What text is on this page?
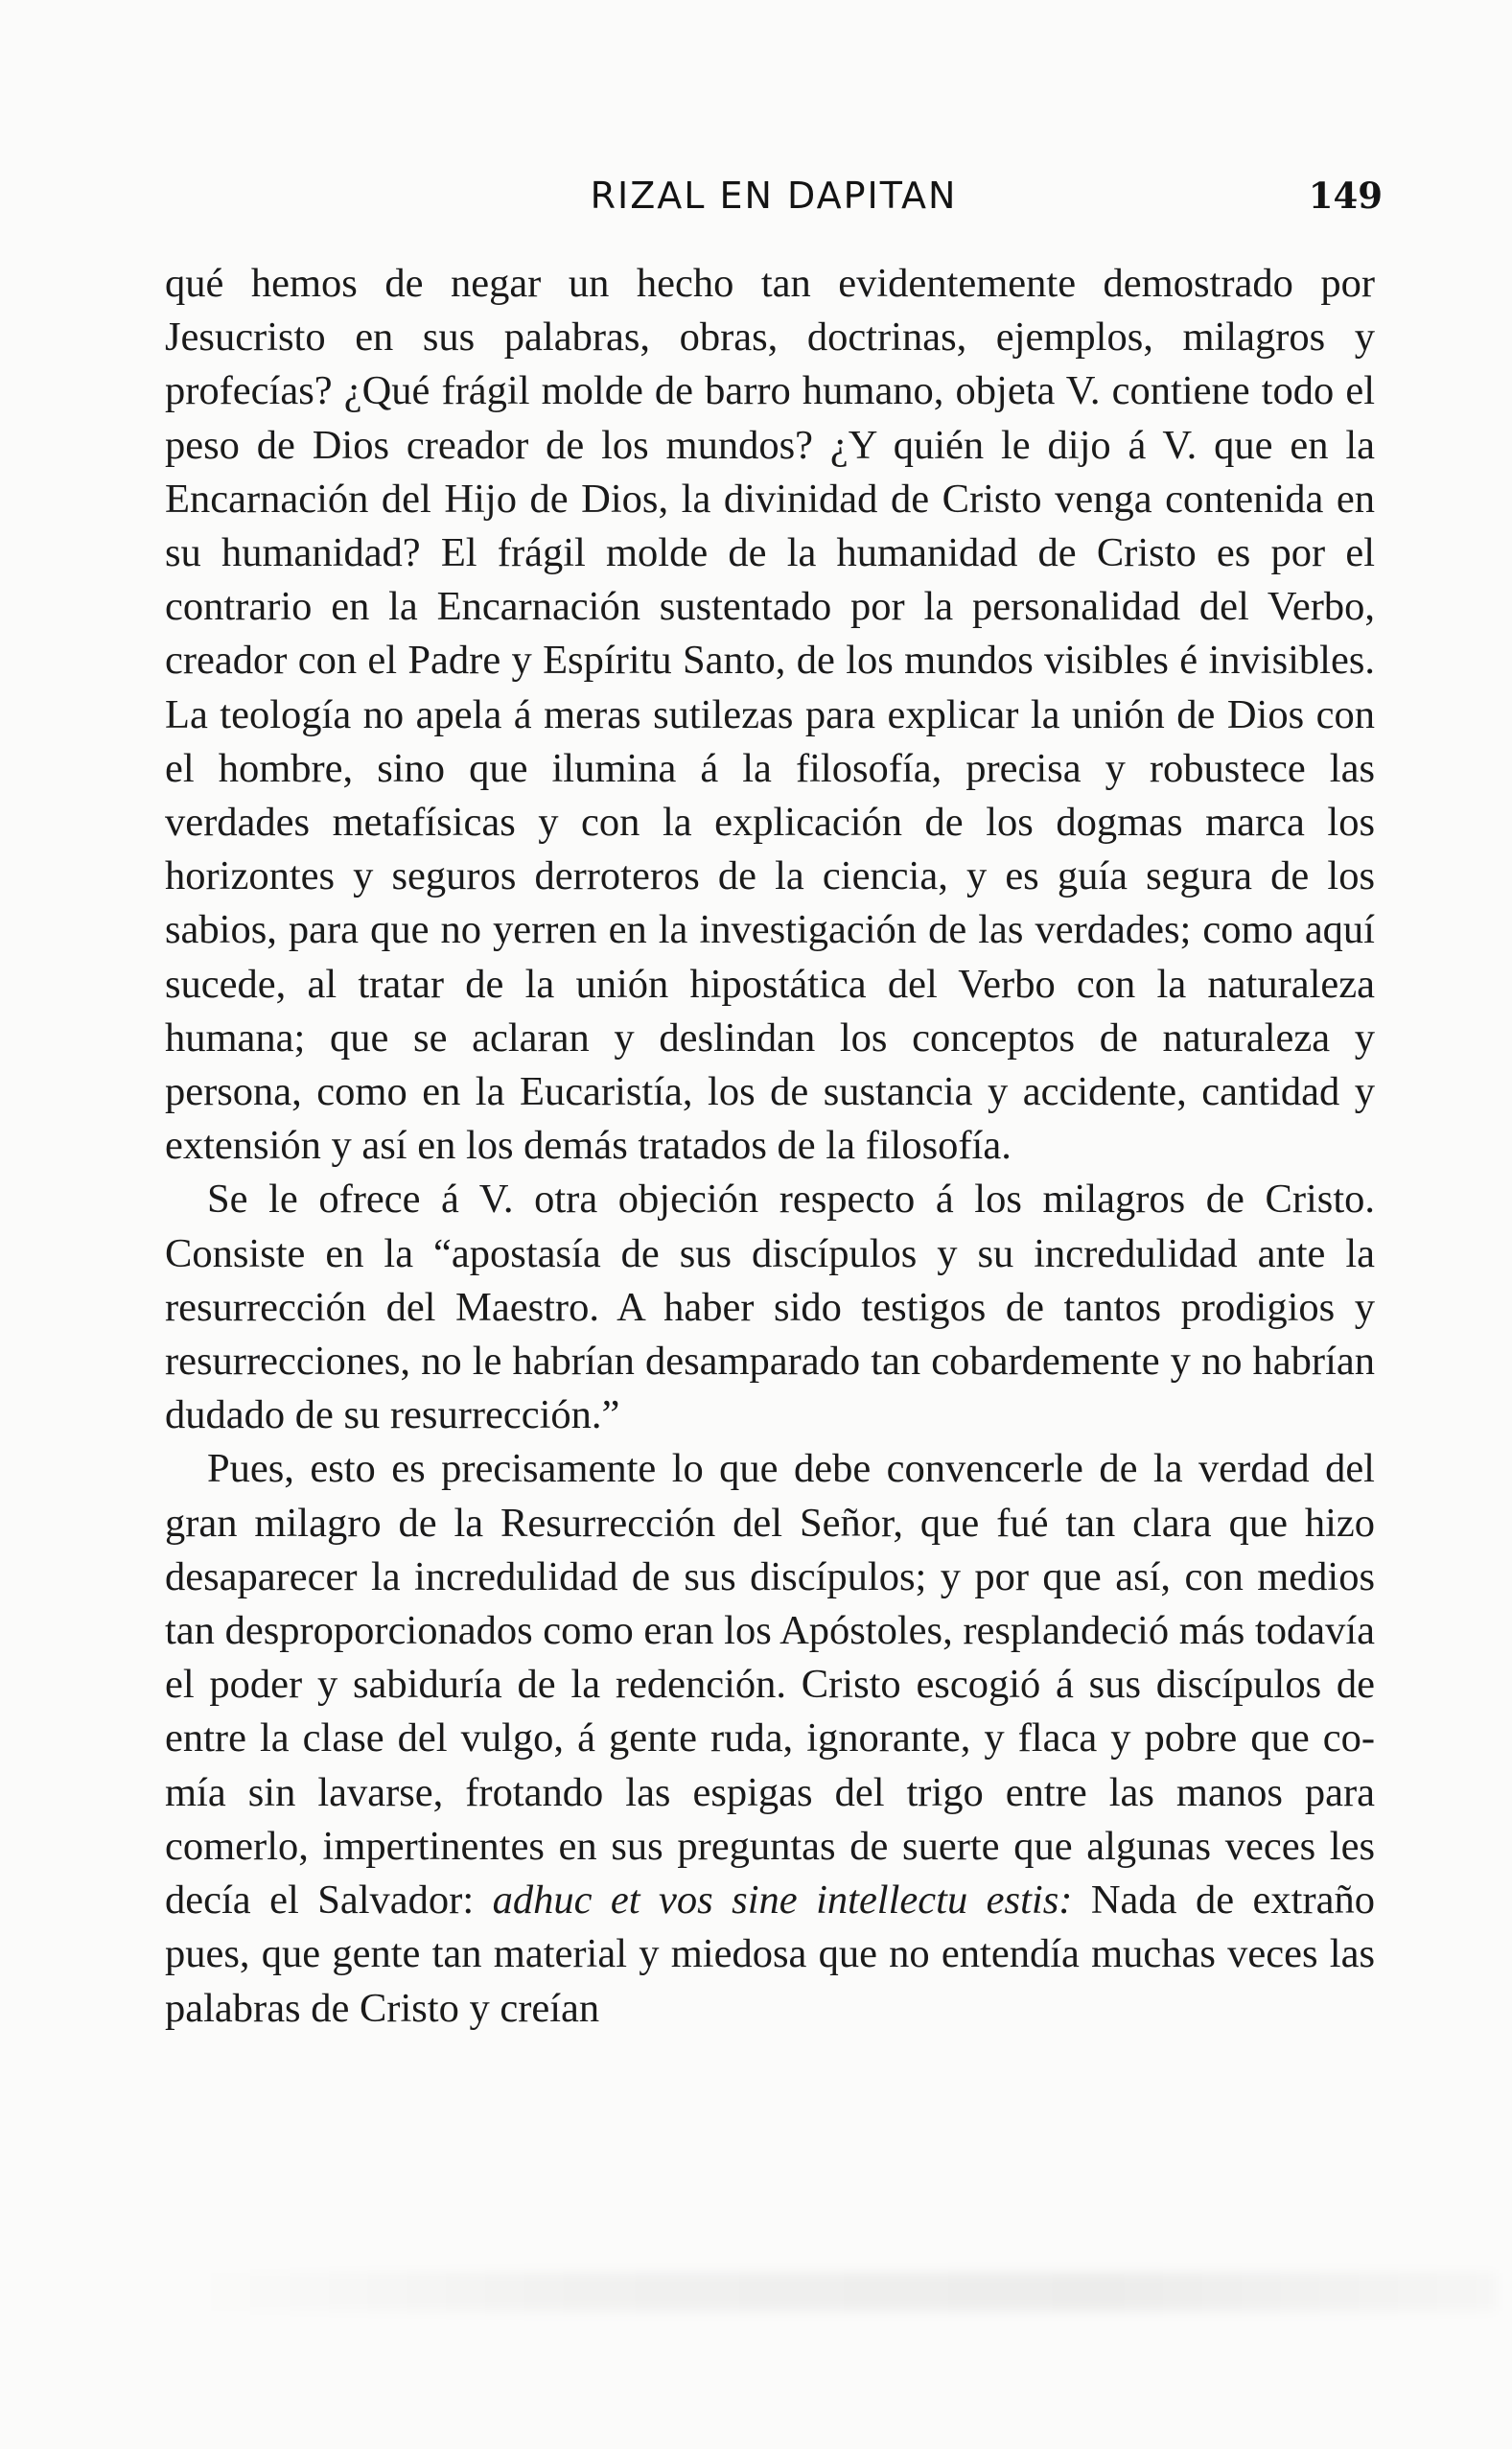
RIZAL EN DAPITAN	149

qué hemos de negar un hecho tan evidentemente demostrado por Jesucristo en sus palabras, obras, doctrinas, ejemplos, milagros y profecías? ¿Qué frágil molde de barro humano, objeta V. contiene todo el peso de Dios creador de los mundos? ¿Y quién le dijo á V. que en la Encarnación del Hijo de Dios, la divinidad de Cristo venga contenida en su humanidad? El frágil molde de la humanidad de Cristo es por el contrario en la Encarnación sustentado por la personalidad del Verbo, creador con el Padre y Espíritu Santo, de los mundos visibles é invisibles. La teología no apela á meras sutilezas para explicar la unión de Dios con el hombre, sino que ilumina á la filosofía, precisa y robustece las verdades metafísicas y con la explicación de los dogmas marca los horizontes y seguros derroteros de la ciencia, y es guía segura de los sabios, para que no yerren en la investigación de las verdades; como aquí sucede, al tratar de la unión hipostática del Verbo con la naturaleza humana; que se aclaran y deslindan los conceptos de naturaleza y persona, como en la Eucaristía, los de sustancia y accidente, cantidad y extensión y así en los demás tratados de la filosofía.

Se le ofrece á V. otra objeción respecto á los milagros de Cristo. Consiste en la “apostasía de sus discípulos y su incredulidad ante la resurrección del Maestro. A haber sido testigos de tantos prodigios y resurrecciones, no le habrían desamparado tan cobardemente y no habrían dudado de su resurrección.”

Pues, esto es precisamente lo que debe convencerle de la verdad del gran milagro de la Resurrección del Señor, que fué tan clara que hizo desaparecer la incredulidad de sus discípulos; y por que así, con medios tan desproporcionados como eran los Apóstoles, resplandeció más todavía el poder y sabiduría de la redención. Cristo escogió á sus discípulos de entre la clase del vulgo, á gente ruda, ignorante, y flaca y pobre que comía sin lavarse, frotando las espigas del trigo entre las manos para comerlo, impertinentes en sus preguntas de suerte que algunas veces les decía el Salvador: adhuc et vos sine intellectu estis: Nada de extraño pues, que gente tan material y miedosa que no entendía muchas veces las palabras de Cristo y creían
